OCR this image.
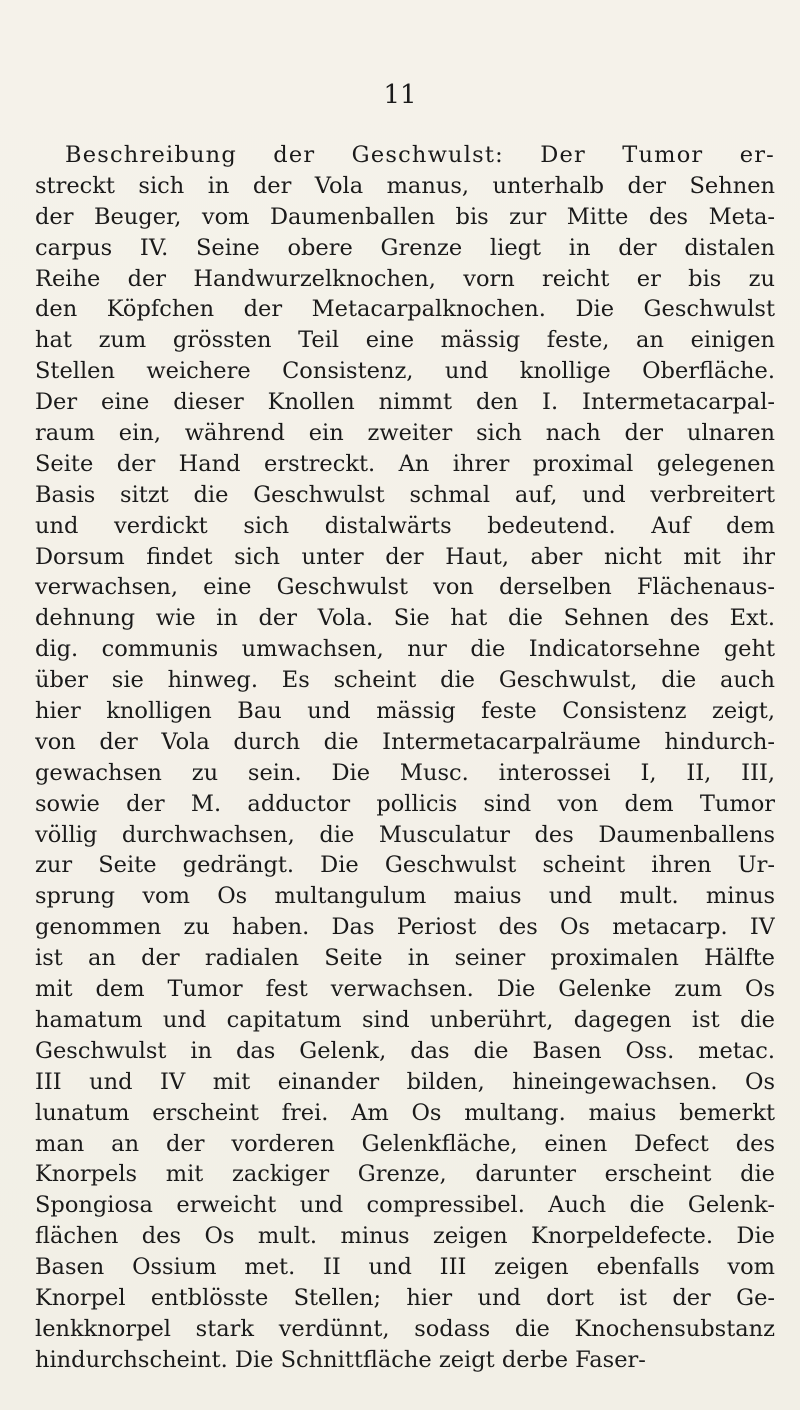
11
Beschreibung der Geschwulst: Der Tumor er-
streckt sich in der Vola manus, unterhalb der Sehnen
der Beuger, vom Daumenballen bis zur Mitte des Meta-
carpus IV. Seine obere Grenze liegt in der distalen
Reihe der Handwurzelknochen, vorn reicht er bis zu
den Köpfchen der Metacarpalknochen. Die Geschwulst
hat zum grössten Teil eine mässig feste, an einigen
Stellen weichere Consistenz, und knollige Oberfläche.
Der eine dieser Knollen nimmt den I. Intermetacarpal-
raum ein, während ein zweiter sich nach der ulnaren
Seite der Hand erstreckt. An ihrer proximal gelegenen
Basis sitzt die Geschwulst schmal auf, und verbreitert
und verdickt sich distalwärts bedeutend. Auf dem
Dorsum findet sich unter der Haut, aber nicht mit ihr
verwachsen, eine Geschwulst von derselben Flächenaus-
dehnung wie in der Vola. Sie hat die Sehnen des Ext.
dig. communis umwachsen, nur die Indicatorsehne geht
über sie hinweg. Es scheint die Geschwulst, die auch
hier knolligen Bau und mässig feste Consistenz zeigt,
von der Vola durch die Intermetacarpalräume hindurch-
gewachsen zu sein. Die Musc. interossei I, II, III,
sowie der M. adductor pollicis sind von dem Tumor
völlig durchwachsen, die Musculatur des Daumenballens
zur Seite gedrängt. Die Geschwulst scheint ihren Ur-
sprung vom Os multangulum maius und mult. minus
genommen zu haben. Das Periost des Os metacarp. IV
ist an der radialen Seite in seiner proximalen Hälfte
mit dem Tumor fest verwachsen. Die Gelenke zum Os
hamatum und capitatum sind unberührt, dagegen ist die
Geschwulst in das Gelenk, das die Basen Oss. metac.
III und IV mit einander bilden, hineingewachsen. Os
lunatum erscheint frei. Am Os multang. maius bemerkt
man an der vorderen Gelenkfläche, einen Defect des
Knorpels mit zackiger Grenze, darunter erscheint die
Spongiosa erweicht und compressibel. Auch die Gelenk-
flächen des Os mult. minus zeigen Knorpeldefecte. Die
Basen Ossium met. II und III zeigen ebenfalls vom
Knorpel entblösste Stellen; hier und dort ist der Ge-
lenkknorpel stark verdünnt, sodass die Knochensubstanz
hindurchscheint. Die Schnittfläche zeigt derbe Faser-
